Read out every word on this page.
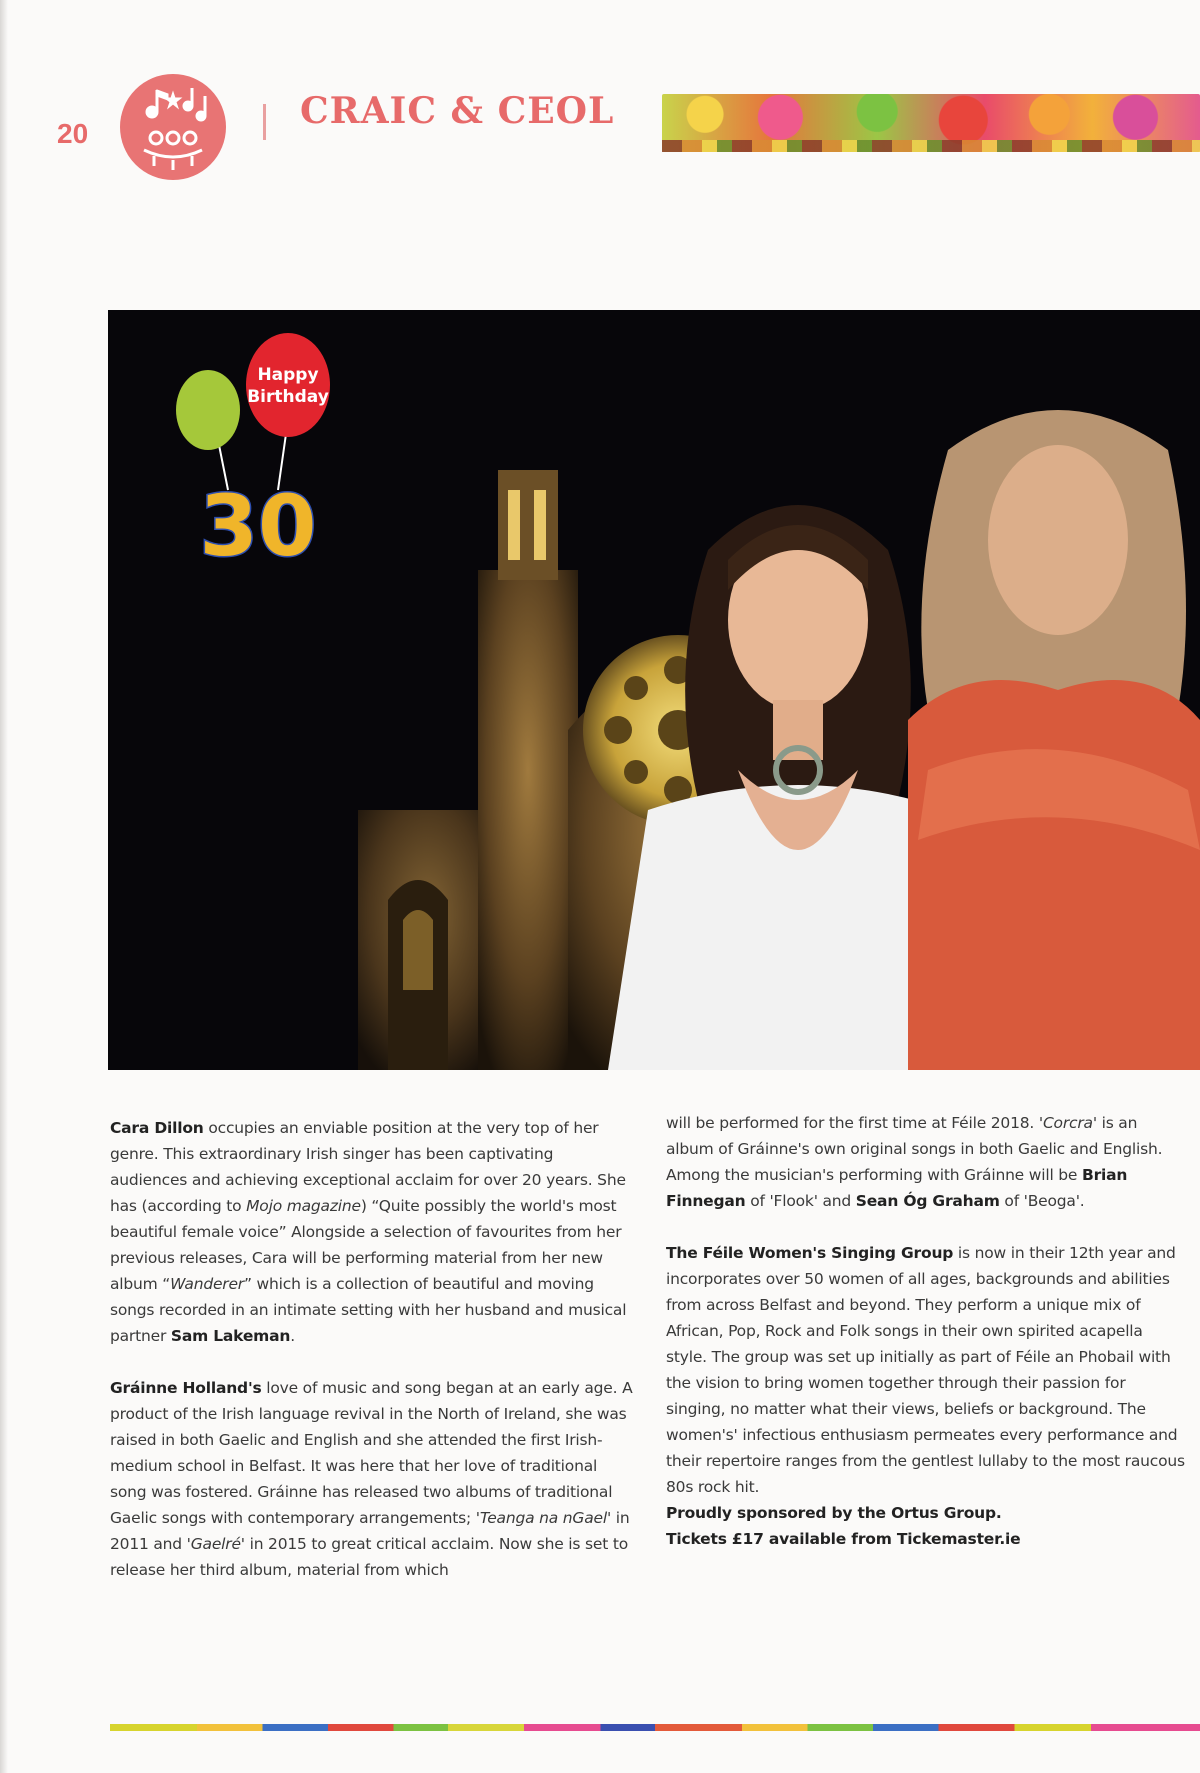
20
CRAIC & CEOL
Happy
Birthday
30

Cara Dillon occupies an enviable position at the very top of her genre. This extraordinary Irish singer has been captivating audiences and achieving exceptional acclaim for over 20 years. She has (according to Mojo magazine) “Quite possibly the world's most beautiful female voice” Alongside a selection of favourites from her previous releases, Cara will be performing material from her new album “Wanderer” which is a collection of beautiful and moving songs recorded in an intimate setting with her husband and musical partner Sam Lakeman.

Gráinne Holland's love of music and song began at an early age. A product of the Irish language revival in the North of Ireland, she was raised in both Gaelic and English and she attended the first Irish-medium school in Belfast. It was here that her love of traditional song was fostered. Gráinne has released two albums of traditional Gaelic songs with contemporary arrangements; 'Teanga na nGael' in 2011 and 'Gaelré' in 2015 to great critical acclaim. Now she is set to release her third album, material from which

will be performed for the first time at Féile 2018. 'Corcra' is an album of Gráinne's own original songs in both Gaelic and English. Among the musician's performing with Gráinne will be Brian Finnegan of 'Flook' and Sean Óg Graham of 'Beoga'.

The Féile Women's Singing Group is now in their 12th year and incorporates over 50 women of all ages, backgrounds and abilities from across Belfast and beyond. They perform a unique mix of African, Pop, Rock and Folk songs in their own spirited acapella style. The group was set up initially as part of Féile an Phobail with the vision to bring women together through their passion for singing, no matter what their views, beliefs or background. The women's' infectious enthusiasm permeates every performance and their repertoire ranges from the gentlest lullaby to the most raucous 80s rock hit.

Proudly sponsored by the Ortus Group.

Tickets £17 available from Tickemaster.ie
